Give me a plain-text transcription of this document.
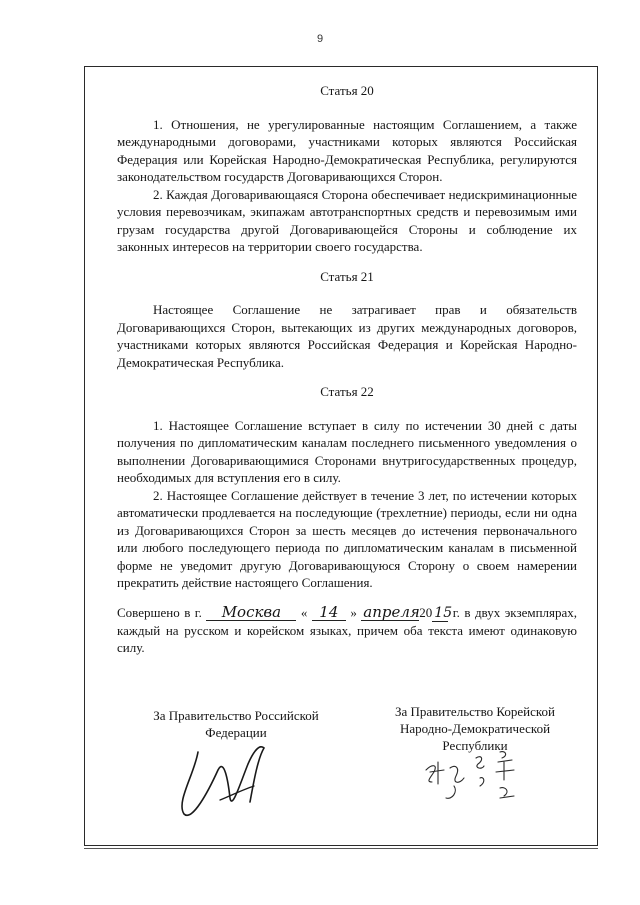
9
Статья 20

1. Отношения, не урегулированные настоящим Соглашением, а также международными договорами, участниками которых являются Российская Федерация или Корейская Народно-Демократическая Республика, регулируются законодательством государств Договаривающихся Сторон.

2. Каждая Договаривающаяся Сторона обеспечивает недискриминационные условия перевозчикам, экипажам автотранспортных средств и перевозимым ими грузам государства другой Договаривающейся Стороны и соблюдение их законных интересов на территории своего государства.

Статья 21

Настоящее Соглашение не затрагивает прав и обязательств Договаривающихся Сторон, вытекающих из других международных договоров, участниками которых являются Российская Федерация и Корейская Народно-Демократическая Республика.

Статья 22

1. Настоящее Соглашение вступает в силу по истечении 30 дней с даты получения по дипломатическим каналам последнего письменного уведомления о выполнении Договаривающимися Сторонами внутригосударственных процедур, необходимых для вступления его в силу.

2. Настоящее Соглашение действует в течение 3 лет, по истечении которых автоматически продлевается на последующие (трехлетние) периоды, если ни одна из Договаривающихся Сторон за шесть месяцев до истечения первоначального или любого последующего периода по дипломатическим каналам в письменной форме не уведомит другую Договаривающуюся Сторону о своем намерении прекратить действие настоящего Соглашения.

Совершено в г. Москва « 14 » апреля20 15 г. в двух экземплярах, каждый на русском и корейском языках, причем оба текста имеют одинаковую силу.

За Правительство Российской
Федерации
За Правительство Корейской
Народно-Демократической
Республики
